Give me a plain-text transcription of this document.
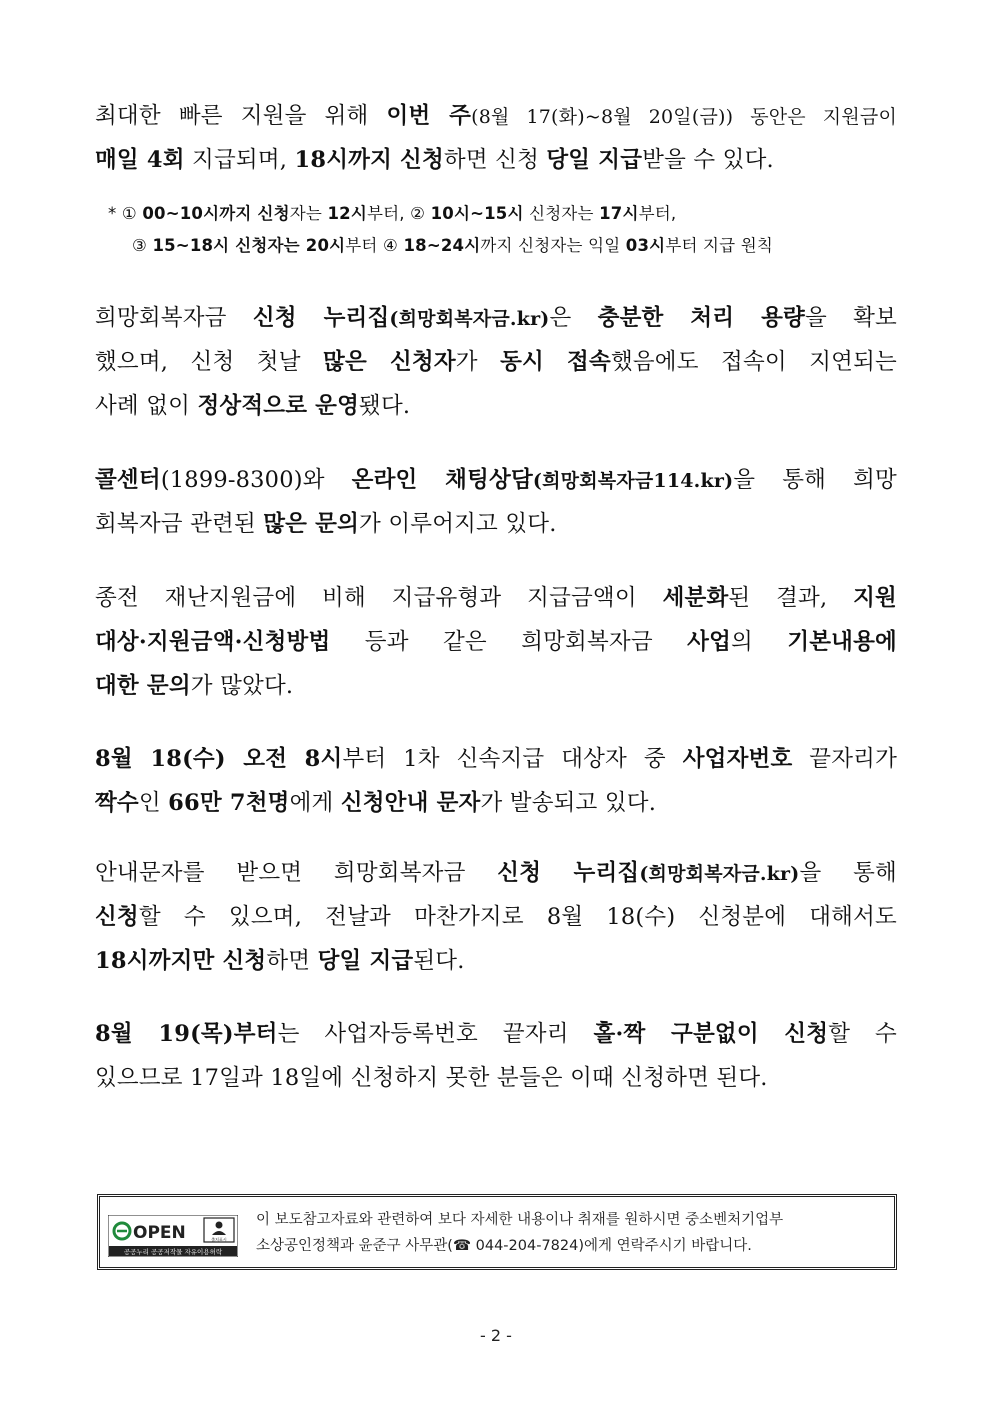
최대한 빠른 지원을 위해 이번 주(8월 17(화)~8월 20일(금)) 동안은 지원금이
매일 4회 지급되며, 18시까지 신청하면 신청 당일 지급받을 수 있다.
* ① 00~10시까지 신청자는 12시부터, ② 10시~15시 신청자는 17시부터,
③ 15~18시 신청자는 20시부터 ④ 18~24시까지 신청자는 익일 03시부터 지급 원칙
희망회복자금 신청 누리집(희망회복자금.kr)은 충분한 처리 용량을 확보
했으며, 신청 첫날 많은 신청자가 동시 접속했음에도 접속이 지연되는
사례 없이 정상적으로 운영됐다.
콜센터(1899-8300)와 온라인 채팅상담(희망회복자금114.kr)을 통해 희망
회복자금 관련된 많은 문의가 이루어지고 있다.
종전 재난지원금에 비해 지급유형과 지급금액이 세분화된 결과, 지원
대상·지원금액·신청방법 등과 같은 희망회복자금 사업의 기본내용에
대한 문의가 많았다.
8월 18(수) 오전 8시부터 1차 신속지급 대상자 중 사업자번호 끝자리가
짝수인 66만 7천명에게 신청안내 문자가 발송되고 있다.
안내문자를 받으면 희망회복자금 신청 누리집(희망회복자금.kr)을 통해
신청할 수 있으며, 전날과 마찬가지로 8월 18(수) 신청분에 대해서도
18시까지만 신청하면 당일 지급된다.
8월 19(목)부터는 사업자등록번호 끝자리 홀·짝 구분없이 신청할 수
있으므로 17일과 18일에 신청하지 못한 분들은 이때 신청하면 된다.
OPEN	출처표시
공공누리 공공저작물 자유이용허락
이 보도참고자료와 관련하여 보다 자세한 내용이나 취재를 원하시면 중소벤처기업부
소상공인정책과 윤준구 사무관(☎ 044-204-7824)에게 연락주시기 바랍니다.
- 2 -
